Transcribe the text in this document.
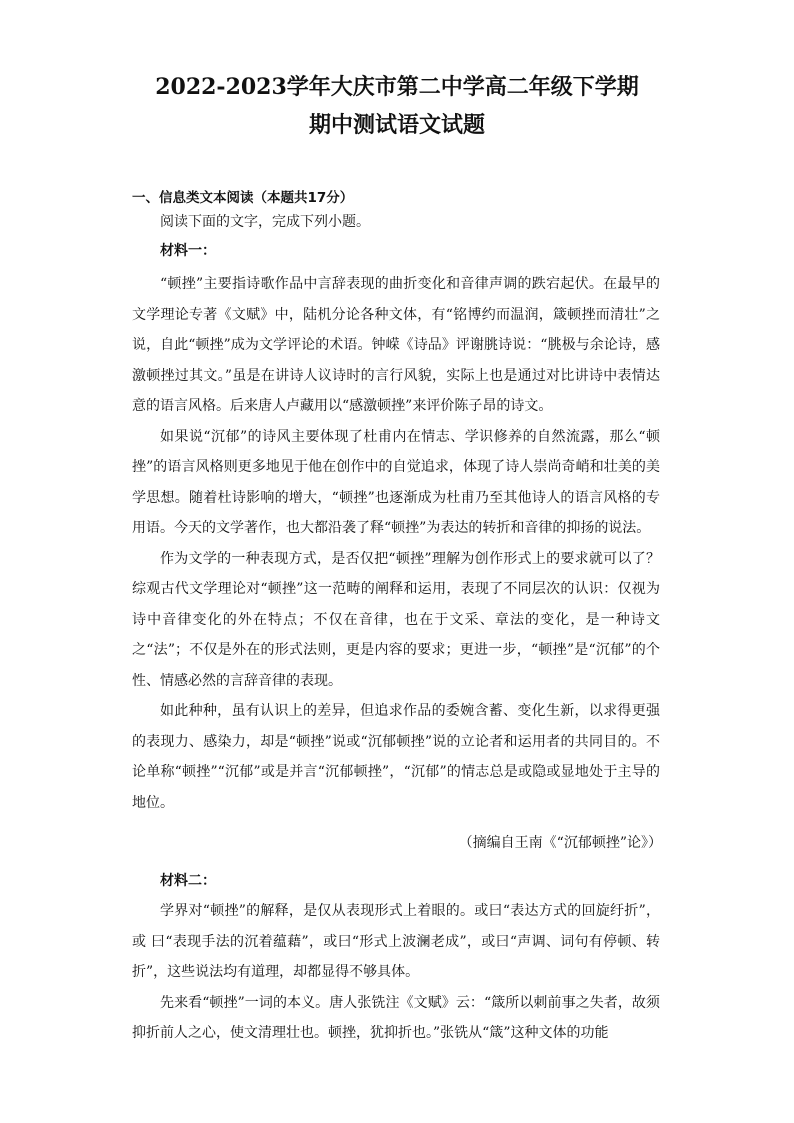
2022-2023学年大庆市第二中学高二年级下学期
期中测试语文试题
一、信息类文本阅读（本题共17分）
阅读下面的文字，完成下列小题。
材料一：

“顿挫”主要指诗歌作品中言辞表现的曲折变化和音律声调的跌宕起伏。在最早的文学理论专著《文赋》中，陆机分论各种文体，有“铭博约而温润，箴顿挫而清壮”之说，自此“顿挫”成为文学评论的术语。钟嵘《诗品》评谢朓诗说：“朓极与余论诗，感激顿挫过其文。”虽是在讲诗人议诗时的言行风貌，实际上也是通过对比讲诗中表情达意的语言风格。后来唐人卢藏用以“感激顿挫”来评价陈子昂的诗文。

如果说“沉郁”的诗风主要体现了杜甫内在情志、学识修养的自然流露，那么“顿挫”的语言风格则更多地见于他在创作中的自觉追求，体现了诗人崇尚奇峭和壮美的美学思想。随着杜诗影响的增大，“顿挫”也逐渐成为杜甫乃至其他诗人的语言风格的专用语。今天的文学著作，也大都沿袭了释“顿挫”为表达的转折和音律的抑扬的说法。

作为文学的一种表现方式，是否仅把“顿挫”理解为创作形式上的要求就可以了？综观古代文学理论对“顿挫”这一范畴的阐释和运用，表现了不同层次的认识：仅视为诗中音律变化的外在特点；不仅在音律，也在于文采、章法的变化，是一种诗文之“法”；不仅是外在的形式法则，更是内容的要求；更进一步，“顿挫”是“沉郁”的个性、情感必然的言辞音律的表现。

如此种种，虽有认识上的差异，但追求作品的委婉含蓄、变化生新，以求得更强的表现力、感染力，却是“顿挫”说或“沉郁顿挫”说的立论者和运用者的共同目的。不论单称“顿挫”“沉郁”或是并言“沉郁顿挫”，“沉郁”的情志总是或隐或显地处于主导的地位。

（摘编自王南《“沉郁顿挫”论》）
材料二：

学界对“顿挫”的解释，是仅从表现形式上着眼的。或曰“表达方式的回旋纡折”，或 曰“表现手法的沉着蕴藉”，或曰“形式上波澜老成”，或曰“声调、词句有停顿、转折”，这些说法均有道理，却都显得不够具体。

先来看“顿挫”一词的本义。唐人张铣注《文赋》云：“箴所以刺前事之失者，故须 抑折前人之心，使文清理壮也。顿挫，犹抑折也。”张铣从“箴”这种文体的功能
